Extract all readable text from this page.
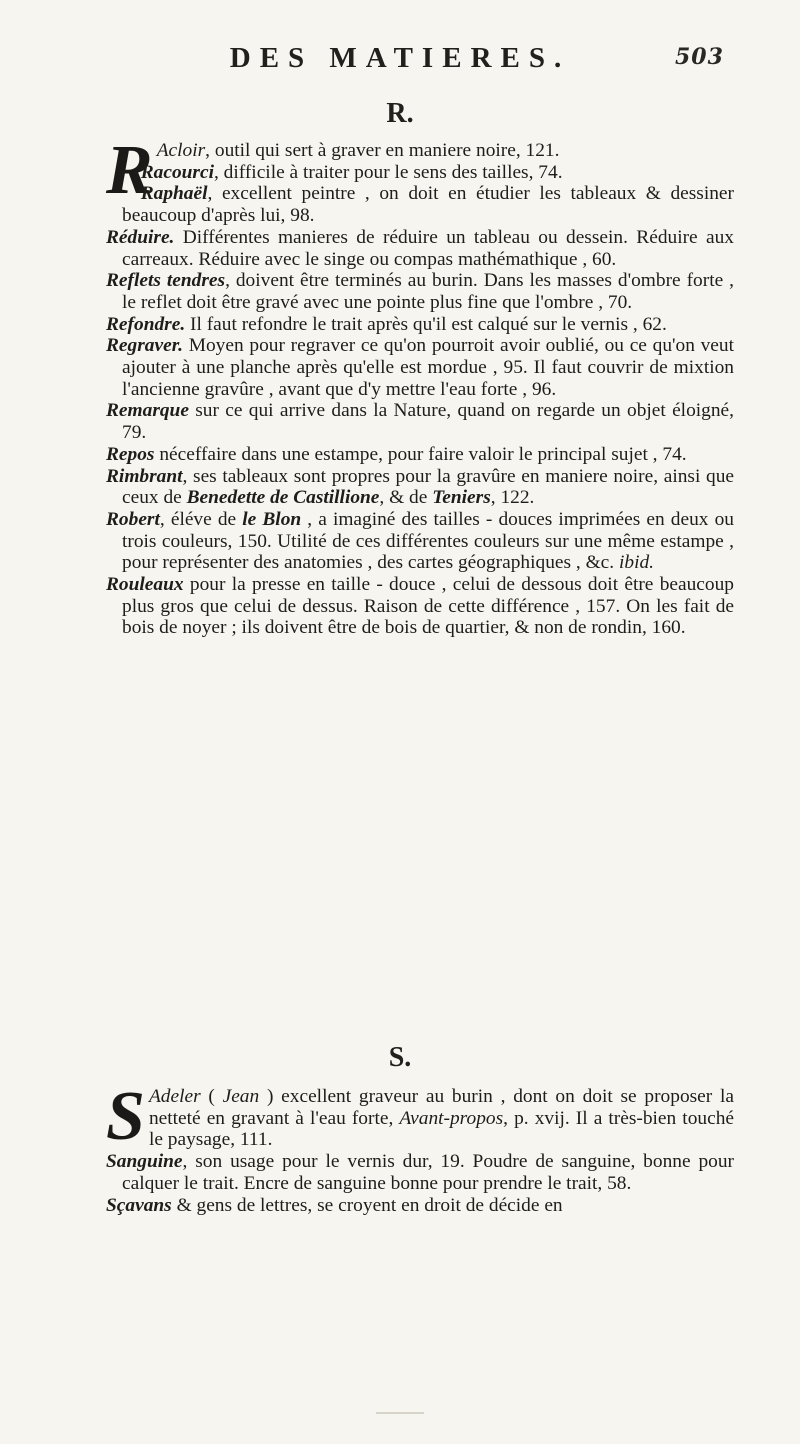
DES MATIERES.	503
R.

R Acloir, outil qui sert à graver en maniere noire, 121.

Racourci, difficile à traiter pour le sens des tailles, 74.

Raphaël, excellent peintre , on doit en étudier les tableaux & dessiner beaucoup d'après lui, 98.

Réduire. Différentes manieres de réduire un tableau ou dessein. Réduire aux carreaux. Réduire avec le singe ou compas mathémathique , 60.

Reflets tendres, doivent être terminés au burin. Dans les masses d'ombre forte , le reflet doit être gravé avec une pointe plus fine que l'ombre , 70.

Refondre. Il faut refondre le trait après qu'il est calqué sur le vernis , 62.

Regraver. Moyen pour regraver ce qu'on pourroit avoir oublié, ou ce qu'on veut ajouter à une planche après qu'elle est mordue , 95. Il faut couvrir de mixtion l'ancienne gravûre , avant que d'y mettre l'eau forte , 96.

Remarque sur ce qui arrive dans la Nature, quand on regarde un objet éloigné, 79.

Repos néceffaire dans une estampe, pour faire valoir le principal sujet , 74.

Rimbrant, ses tableaux sont propres pour la gravûre en maniere noire, ainsi que ceux de Benedette de Castillione, & de Teniers, 122.

Robert, éléve de le Blon , a imaginé des tailles - douces imprimées en deux ou trois couleurs, 150. Utilité de ces différentes couleurs sur une même estampe , pour représenter des anatomies , des cartes géographiques , &c. ibid.

Rouleaux pour la presse en taille - douce , celui de dessous doit être beaucoup plus gros que celui de dessus. Raison de cette différence , 157. On les fait de bois de noyer ; ils doivent être de bois de quartier, & non de rondin, 160.

S.

S Adeler ( Jean ) excellent graveur au burin , dont on doit se proposer la netteté en gravant à l'eau forte, Avant-propos, p. xvij. Il a très-bien touché le paysage, 111.

Sanguine, son usage pour le vernis dur, 19. Poudre de sanguine, bonne pour calquer le trait. Encre de sanguine bonne pour prendre le trait, 58.

Sçavans & gens de lettres, se croyent en droit de décide en
